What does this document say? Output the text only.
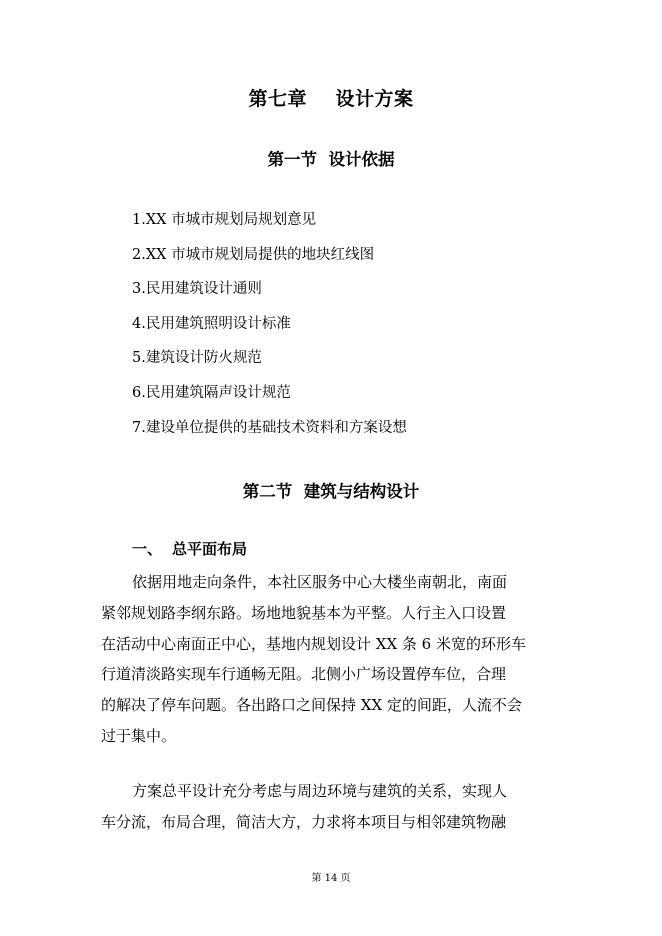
第七章    设计方案
第一节  设计依据
1.XX 市城市规划局规划意见
2.XX 市城市规划局提供的地块红线图
3.民用建筑设计通则
4.民用建筑照明设计标准
5.建筑设计防火规范
6.民用建筑隔声设计规范
7.建设单位提供的基础技术资料和方案设想
第二节  建筑与结构设计
一、 总平面布局

依据用地走向条件，本社区服务中心大楼坐南朝北，南面
紧邻规划路李纲东路。场地地貌基本为平整。人行主入口设置
在活动中心南面正中心，基地内规划设计 XX 条 6 米宽的环形车
行道清淡路实现车行通畅无阻。北侧小广场设置停车位，合理
的解决了停车问题。各出路口之间保持 XX 定的间距，人流不会
过于集中。

方案总平设计充分考虑与周边环境与建筑的关系，实现人
车分流，布局合理，简洁大方，力求将本项目与相邻建筑物融

第 14 页
